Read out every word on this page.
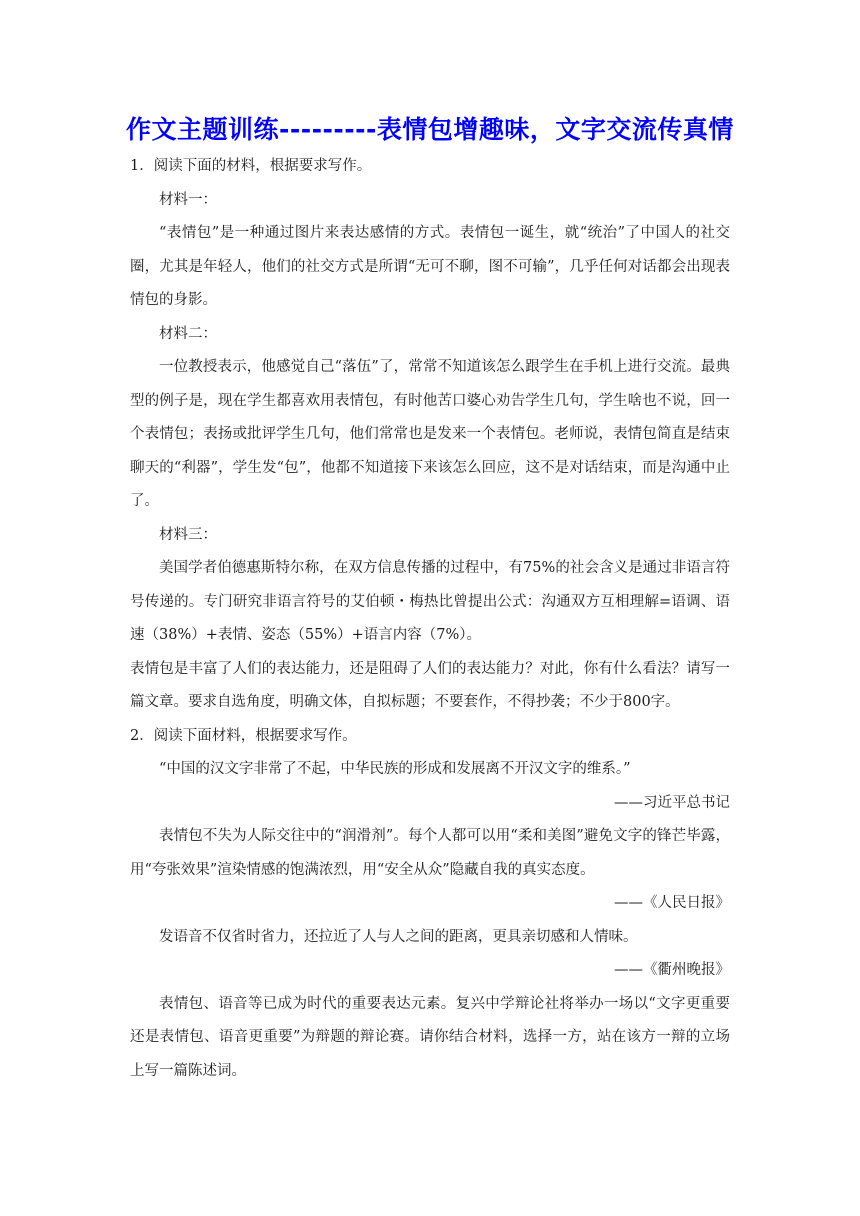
作文主题训练---------表情包增趣味，文字交流传真情

1．阅读下面的材料，根据要求写作。

材料一：

“表情包”是一种通过图片来表达感情的方式。表情包一诞生，就“统治”了中国人的社交圈，尤其是年轻人，他们的社交方式是所谓“无可不聊，图不可输”，几乎任何对话都会出现表情包的身影。

材料二：

一位教授表示，他感觉自己“落伍”了，常常不知道该怎么跟学生在手机上进行交流。最典型的例子是，现在学生都喜欢用表情包，有时他苦口婆心劝告学生几句，学生啥也不说，回一个表情包；表扬或批评学生几句，他们常常也是发来一个表情包。老师说，表情包简直是结束聊天的“利器”，学生发“包”，他都不知道接下来该怎么回应，这不是对话结束，而是沟通中止了。

材料三：

美国学者伯德惠斯特尔称，在双方信息传播的过程中，有75%的社会含义是通过非语言符号传递的。专门研究非语言符号的艾伯顿・梅热比曾提出公式：沟通双方互相理解=语调、语速（38%）+表情、姿态（55%）+语言内容（7%）。

表情包是丰富了人们的表达能力，还是阻碍了人们的表达能力？对此，你有什么看法？请写一篇文章。要求自选角度，明确文体，自拟标题；不要套作，不得抄袭；不少于800字。

2．阅读下面材料，根据要求写作。

“中国的汉文字非常了不起，中华民族的形成和发展离不开汉文字的维系。”

——习近平总书记

表情包不失为人际交往中的“润滑剂”。每个人都可以用“柔和美图”避免文字的锋芒毕露，用“夸张效果”渲染情感的饱满浓烈，用“安全从众”隐藏自我的真实态度。

——《人民日报》

发语音不仅省时省力，还拉近了人与人之间的距离，更具亲切感和人情味。

——《衢州晚报》

表情包、语音等已成为时代的重要表达元素。复兴中学辩论社将举办一场以“文字更重要还是表情包、语音更重要”为辩题的辩论赛。请你结合材料，选择一方，站在该方一辩的立场上写一篇陈述词。
